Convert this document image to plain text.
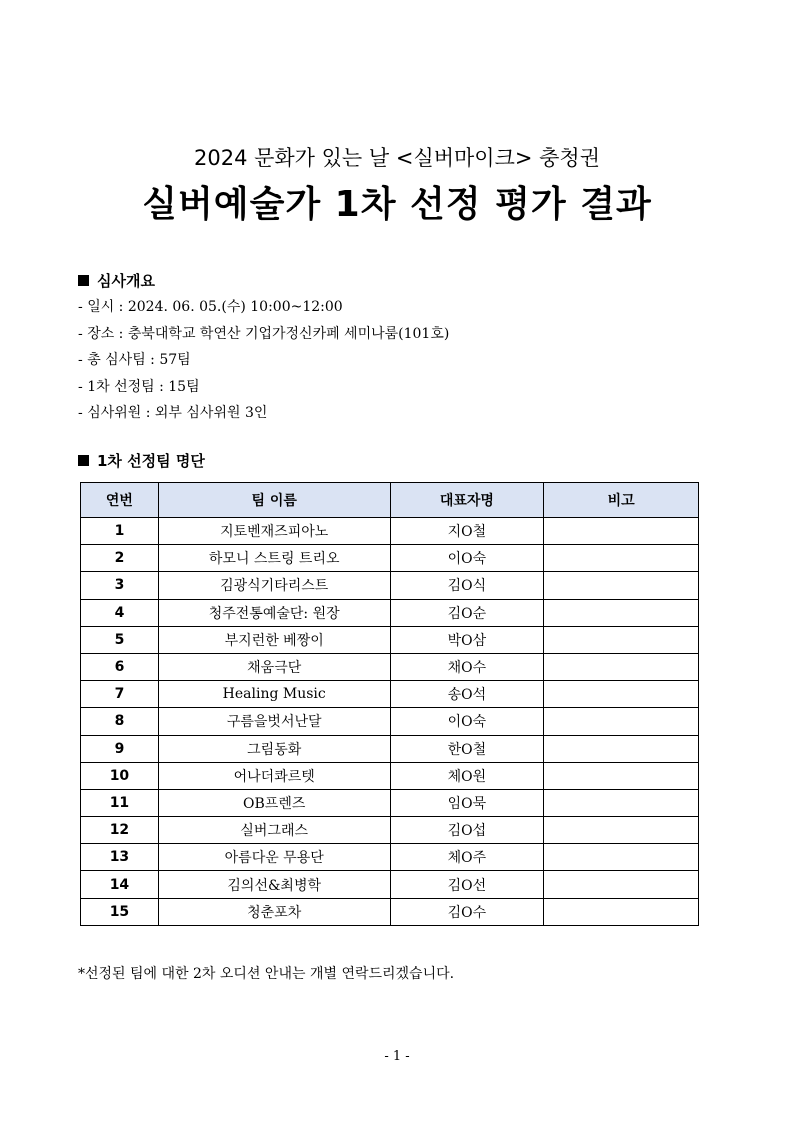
2024 문화가 있는 날 <실버마이크> 충청권
실버예술가 1차 선정 평가 결과
심사개요
- 일시 : 2024. 06. 05.(수) 10:00~12:00
- 장소 : 충북대학교 학연산 기업가정신카페 세미나룸(101호)
- 총 심사팀 : 57팀
- 1차 선정팀 : 15팀
- 심사위원 : 외부 심사위원 3인
1차 선정팀 명단
연번	팀 이름	대표자명	비고
1	지토벤재즈피아노	지O철	
2	하모니 스트링 트리오	이O숙	
3	김광식기타리스트	김O식	
4	청주전통예술단: 원장	김O순	
5	부지런한 베짱이	박O삼	
6	채움극단	채O수	
7	Healing Music	송O석	
8	구름을벗서난달	이O숙	
9	그림동화	한O철	
10	어나더콰르텟	체O원	
11	OB프렌즈	임O묵	
12	실버그래스	김O섭	
13	아름다운 무용단	체O주	
14	김의선&최병학	김O선	
15	청춘포차	김O수	
*선정된 팀에 대한 2차 오디션 안내는 개별 연락드리겠습니다.
- 1 -
